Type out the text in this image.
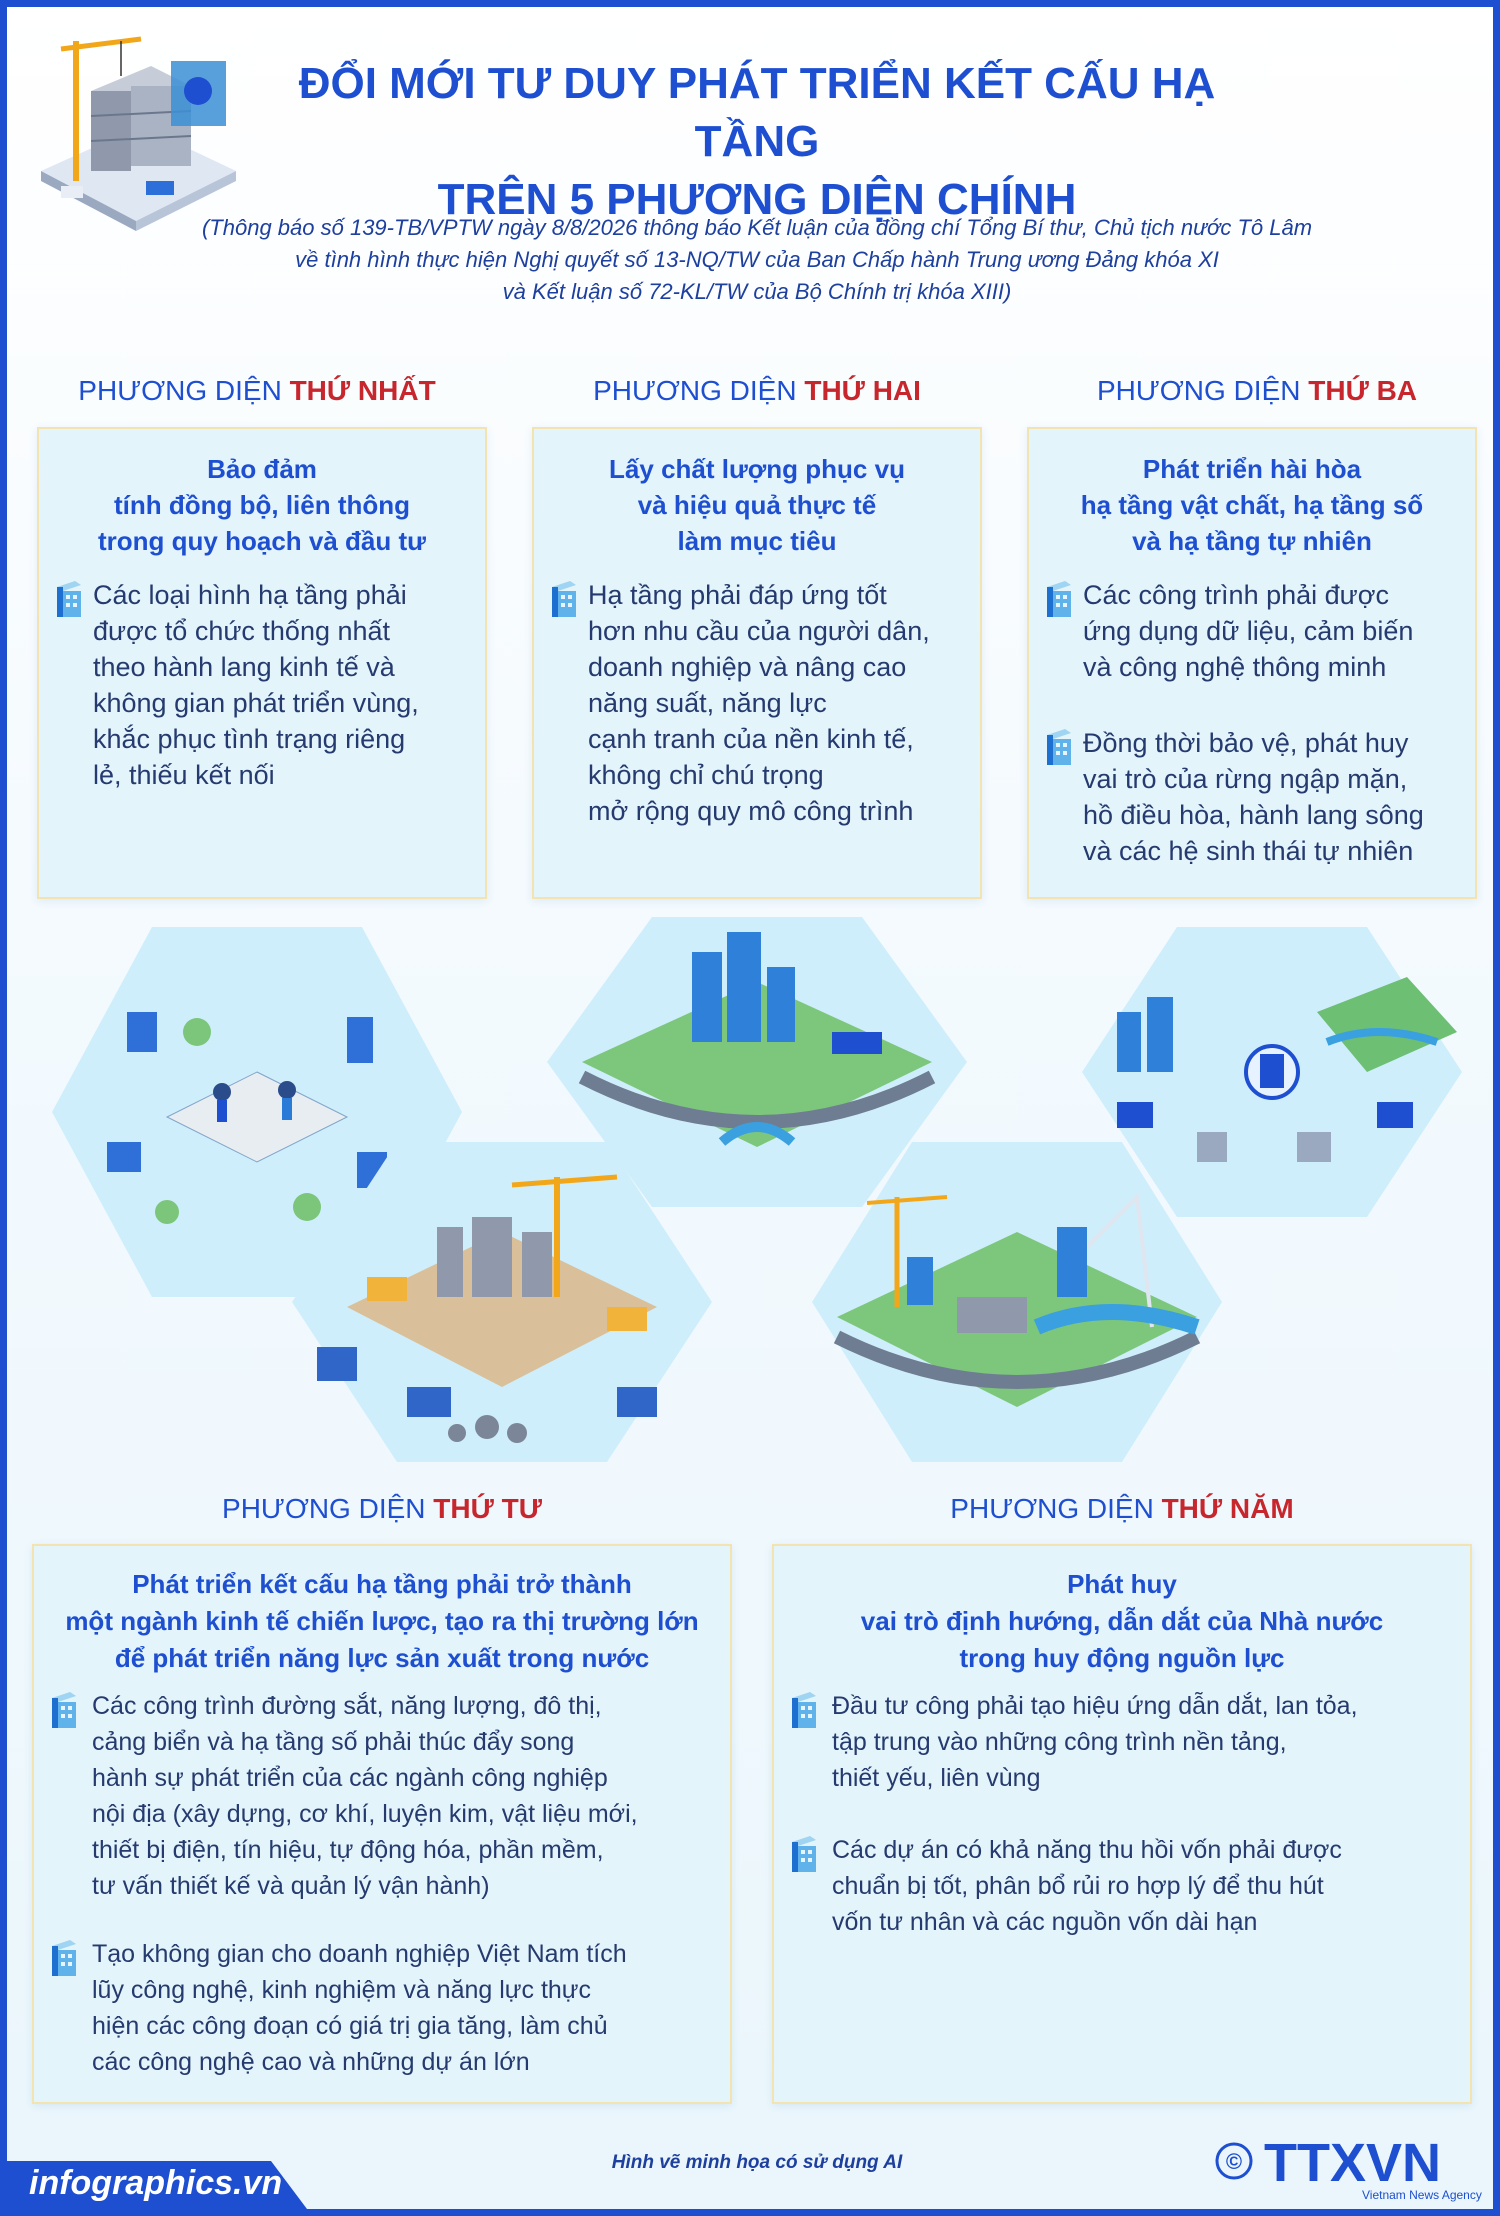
ĐỔI MỚI TƯ DUY PHÁT TRIỂN KẾT CẤU HẠ TẦNG
TRÊN 5 PHƯƠNG DIỆN CHÍNH
(Thông báo số 139-TB/VPTW ngày 8/8/2026 thông báo Kết luận của đồng chí Tổng Bí thư, Chủ tịch nước Tô Lâm
về tình hình thực hiện Nghị quyết số 13-NQ/TW của Ban Chấp hành Trung ương Đảng khóa XI
và Kết luận số 72-KL/TW của Bộ Chính trị khóa XIII)
PHƯƠNG DIỆN THỨ NHẤT
Bảo đảm
tính đồng bộ, liên thông
trong quy hoạch và đầu tư
Các loại hình hạ tầng phải
được tổ chức thống nhất
theo hành lang kinh tế và
không gian phát triển vùng,
khắc phục tình trạng riêng
lẻ, thiếu kết nối
PHƯƠNG DIỆN THỨ HAI
Lấy chất lượng phục vụ
và hiệu quả thực tế
làm mục tiêu
Hạ tầng phải đáp ứng tốt
hơn nhu cầu của người dân,
doanh nghiệp và nâng cao
năng suất, năng lực
cạnh tranh của nền kinh tế,
không chỉ chú trọng
mở rộng quy mô công trình
PHƯƠNG DIỆN THỨ BA
Phát triển hài hòa
hạ tầng vật chất, hạ tầng số
và hạ tầng tự nhiên
Các công trình phải được
ứng dụng dữ liệu, cảm biến
và công nghệ thông minh
Đồng thời bảo vệ, phát huy
vai trò của rừng ngập mặn,
hồ điều hòa, hành lang sông
và các hệ sinh thái tự nhiên
PHƯƠNG DIỆN THỨ TƯ
Phát triển kết cấu hạ tầng phải trở thành
một ngành kinh tế chiến lược, tạo ra thị trường lớn
để phát triển năng lực sản xuất trong nước
Các công trình đường sắt, năng lượng, đô thị,
cảng biển và hạ tầng số phải thúc đẩy song
hành sự phát triển của các ngành công nghiệp
nội địa (xây dựng, cơ khí, luyện kim, vật liệu mới,
thiết bị điện, tín hiệu, tự động hóa, phần mềm,
tư vấn thiết kế và quản lý vận hành)
Tạo không gian cho doanh nghiệp Việt Nam tích
lũy công nghệ, kinh nghiệm và năng lực thực
hiện các công đoạn có giá trị gia tăng, làm chủ
các công nghệ cao và những dự án lớn
PHƯƠNG DIỆN THỨ NĂM
Phát huy
vai trò định hướng, dẫn dắt của Nhà nước
trong huy động nguồn lực
Đầu tư công phải tạo hiệu ứng dẫn dắt, lan tỏa,
tập trung vào những công trình nền tảng,
thiết yếu, liên vùng
Các dự án có khả năng thu hồi vốn phải được
chuẩn bị tốt, phân bổ rủi ro hợp lý để thu hút
vốn tư nhân và các nguồn vốn dài hạn
Hình vẽ minh họa có sử dụng AI
infographics.vn
© TTXVN
Vietnam News Agency
